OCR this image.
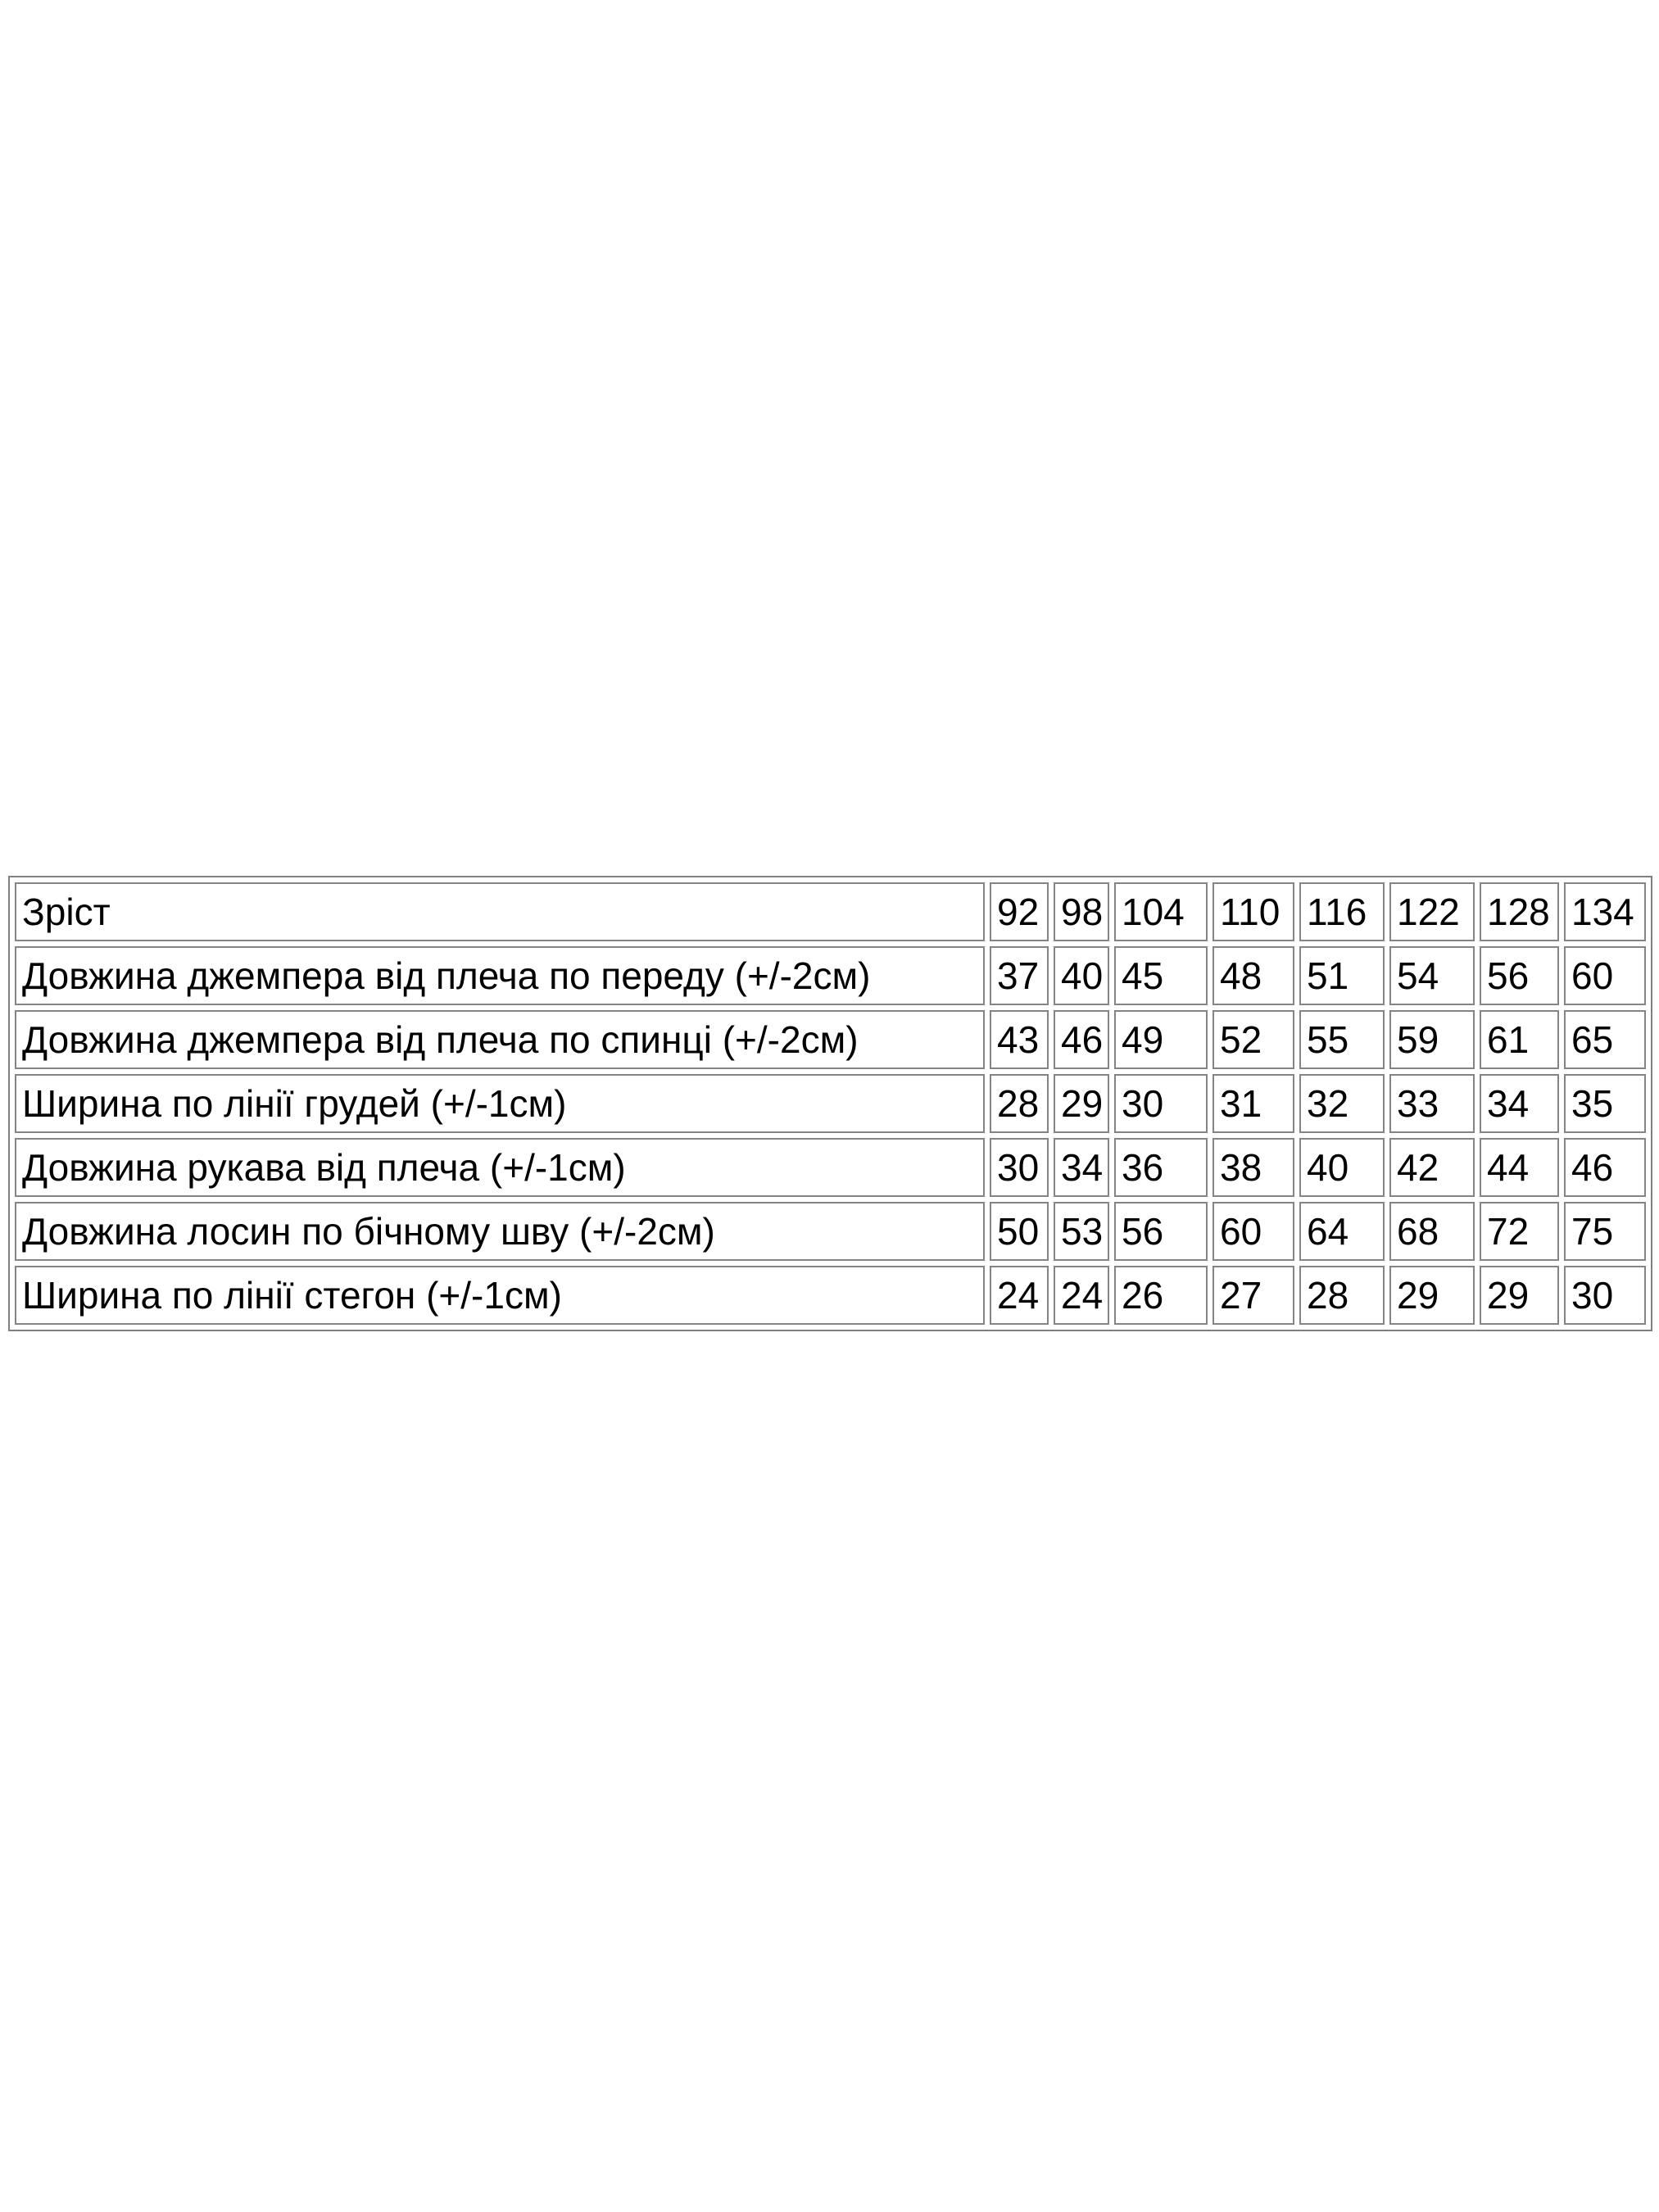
Зріст	92	98	104	110	116	122	128	134
Довжина джемпера від плеча по переду (+/-2см)	37	40	45	48	51	54	56	60
Довжина джемпера від плеча по спинці (+/-2см)	43	46	49	52	55	59	61	65
Ширина по лінії грудей (+/-1см)	28	29	30	31	32	33	34	35
Довжина рукава від плеча (+/-1см)	30	34	36	38	40	42	44	46
Довжина лосин по бічному шву (+/-2см)	50	53	56	60	64	68	72	75
Ширина по лінії стегон (+/-1см)	24	24	26	27	28	29	29	30
